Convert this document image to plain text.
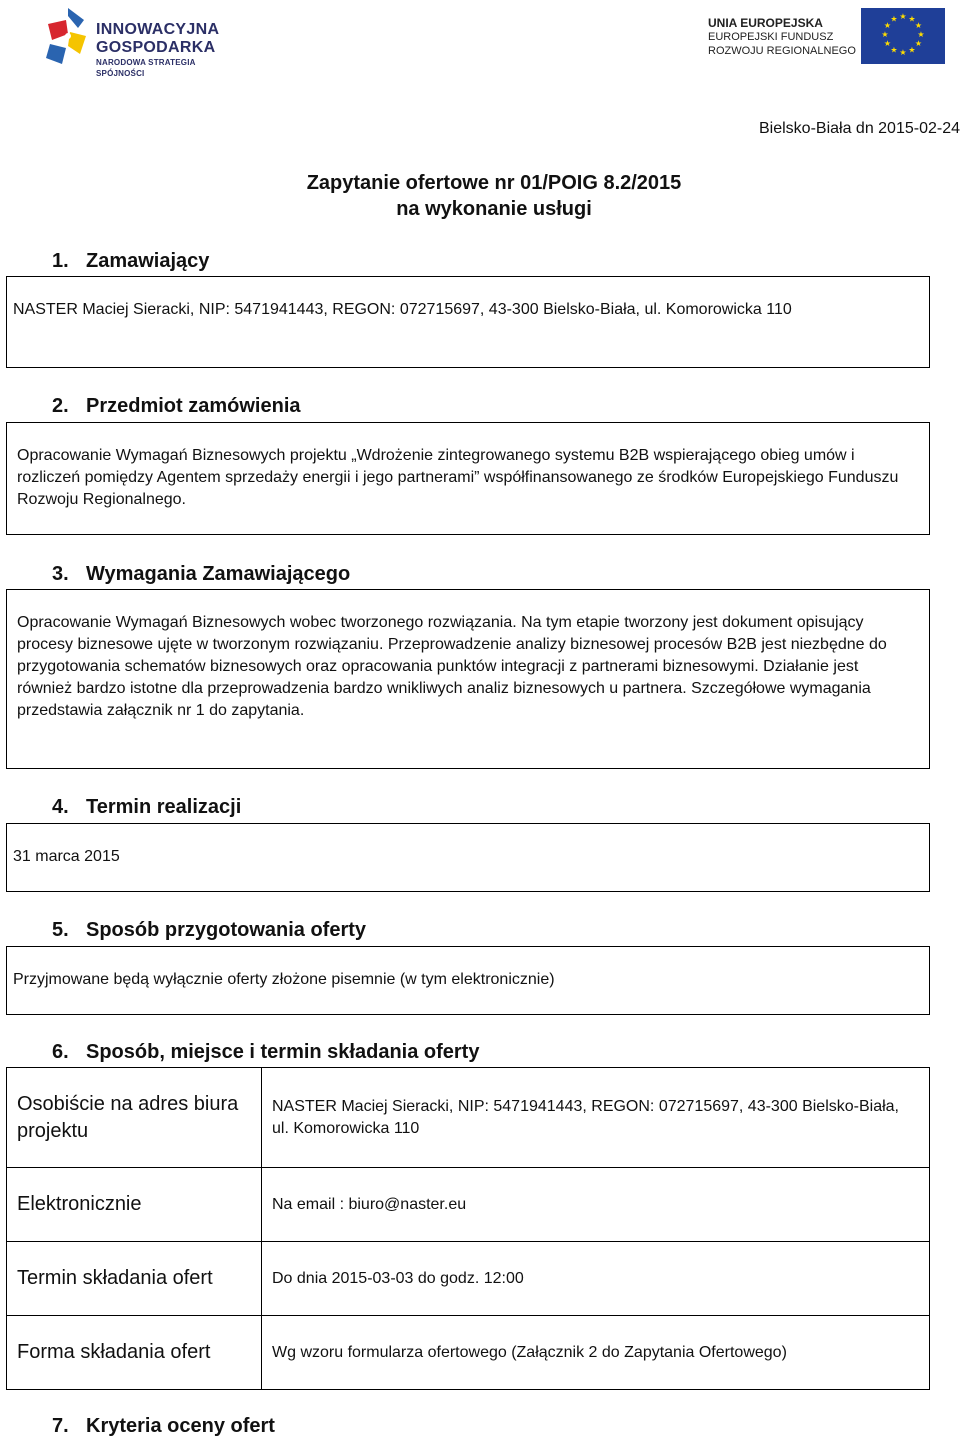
INNOWACYJNA
GOSPODARKA
NARODOWA STRATEGIA SPÓJNOŚCI
UNIA EUROPEJSKA
EUROPEJSKI FUNDUSZ
ROZWOJU REGIONALNEGO
★ ★
★
★
★
★
★
★
★
★
★
★
Bielsko-Biała dn 2015-02-24
Zapytanie ofertowe nr 01/POIG 8.2/2015
na wykonanie usługi
1. Zamawiający
NASTER Maciej Sieracki, NIP: 5471941443, REGON: 072715697, 43-300 Bielsko-Biała, ul. Komorowicka 110
2. Przedmiot zamówienia
Opracowanie Wymagań Biznesowych projektu „Wdrożenie zintegrowanego systemu B2B wspierającego obieg umów i rozliczeń pomiędzy Agentem sprzedaży energii i jego partnerami” współfinansowanego ze środków Europejskiego Funduszu Rozwoju Regionalnego.
3. Wymagania Zamawiającego
Opracowanie Wymagań Biznesowych wobec tworzonego rozwiązania. Na tym etapie tworzony jest dokument opisujący procesy biznesowe ujęte w tworzonym rozwiązaniu. Przeprowadzenie analizy biznesowej procesów B2B jest niezbędne do przygotowania schematów biznesowych oraz opracowania punktów integracji z partnerami biznesowymi. Działanie jest również bardzo istotne dla przeprowadzenia bardzo wnikliwych analiz biznesowych u partnera. Szczegółowe wymagania przedstawia załącznik nr 1 do zapytania.
4. Termin realizacji
31 marca 2015
5. Sposób przygotowania oferty
Przyjmowane będą wyłącznie oferty złożone pisemnie (w tym elektronicznie)
6. Sposób, miejsce i termin składania oferty
Osobiście na adres biura projektu	NASTER Maciej Sieracki, NIP: 5471941443, REGON: 072715697, 43-300 Bielsko-Biała, ul. Komorowicka 110
Elektronicznie	Na email : biuro@naster.eu
Termin składania ofert	Do dnia 2015-03-03 do godz. 12:00
Forma składania ofert	Wg wzoru formularza ofertowego (Załącznik 2 do Zapytania Ofertowego)
7. Kryteria oceny ofert
